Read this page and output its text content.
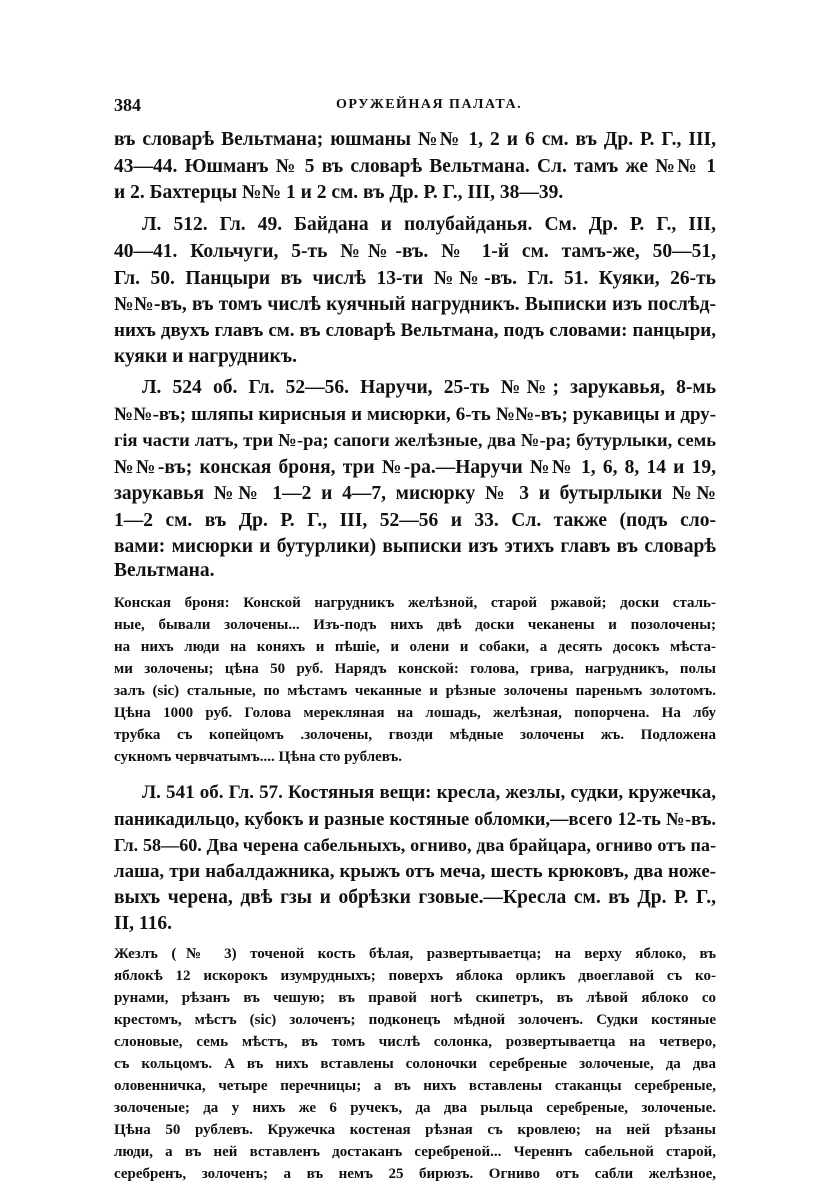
384	ОРУЖЕЙНАЯ ПАЛАТА.
въ словарѣ Вельтмана; юшманы №№ 1, 2 и 6 см. въ Др. Р. Г., III,
43—44. Юшманъ № 5 въ словарѣ Вельтмана. Сл. тамъ же №№ 1
и 2. Бахтерцы №№ 1 и 2 см. въ Др. Р. Г., III, 38—39.
Л. 512. Гл. 49. Байдана и полубайданья. См. Др. Р. Г., III,
40—41. Кольчуги, 5-ть №№-въ. № 1-й см. тамъ-же, 50—51,
Гл. 50. Панцыри въ числѣ 13-ти №№-въ. Гл. 51. Куяки, 26-ть
№№-въ, въ томъ числѣ куячный нагрудникъ. Выписки изъ послѣд-
нихъ двухъ главъ см. въ словарѣ Вельтмана, подъ словами: панцыри,
куяки и нагрудникъ.
Л. 524 об. Гл. 52—56. Наручи, 25-ть №№; зарукавья, 8-мь
№№-въ; шляпы кирисныя и мисюрки, 6-ть №№-въ; рукавицы и дру-
гія части латъ, три №-ра; сапоги желѣзные, два №-ра; бутурлыки, семь
№№-въ; конская броня, три №-ра.—Наручи №№ 1, 6, 8, 14 и 19,
зарукавья №№ 1—2 и 4—7, мисюрку № 3 и бутырлыки №№
1—2 см. въ Др. Р. Г., III, 52—56 и 33. Сл. также (подъ сло-
вами: мисюрки и бутурлики) выписки изъ этихъ главъ въ словарѣ
Вельтмана.
Конская броня: Конской нагрудникъ желѣзной, старой ржавой; доски сталь-
ные, бывали золочены... Изъ-подъ нихъ двѣ доски чеканены и позолочены;
на нихъ люди на коняхъ и пѣшіе, и олени и собаки, а десять досокъ мѣста-
ми золочены; цѣна 50 руб. Нарядъ конской: голова, грива, нагрудникъ, полы
залъ (sic) стальные, по мѣстамъ чеканные и рѣзные золочены пареньмъ золотомъ.
Цѣна 1000 руб. Голова мерекляная на лошадь, желѣзная, попорчена. На лбу
трубка съ копейцомъ .золочены, гвозди мѣдные золочены жъ. Подложена
сукномъ червчатымъ.... Цѣна сто рублевъ.
Л. 541 об. Гл. 57. Костяныя вещи: кресла, жезлы, судки, кружечка,
паникадильцо, кубокъ и разные костяные обломки,—всего 12-ть №-въ.
Гл. 58—60. Два черена сабельныхъ, огниво, два брайцара, огниво отъ па-
лаша, три набалдажника, крыжъ отъ меча, шесть крюковъ, два ноже-
выхъ черена, двѣ гзы и обрѣзки гзовые.—Кресла см. въ Др. Р. Г.,
II, 116.
Жезлъ (№ 3) точеной кость бѣлая, развертываетца; на верху яблоко, въ
яблокѣ 12 искорокъ изумрудныхъ; поверхъ яблока орликъ двоеглавой съ ко-
рунами, рѣзанъ въ чешую; въ правой ногѣ скипетръ, въ лѣвой яблоко со
крестомъ, мѣстъ (sic) золоченъ; подконецъ мѣдной золоченъ. Судки костяные
слоновые, семь мѣстъ, въ томъ числѣ солонка, розвертываетца на четверо,
съ кольцомъ. А въ нихъ вставлены солоночки серебреные золоченые, да два
оловенничка, четыре перечницы; а въ нихъ вставлены стаканцы серебреные,
золоченые; да у нихъ же 6 ручекъ, да два рыльца серебреные, золоченые.
Цѣна 50 рублевъ. Кружечка костеная рѣзная съ кровлею; на ней рѣзаны
люди, а въ ней вставленъ достаканъ серебреной... Череннъ сабельной старой,
серебренъ, золоченъ; а въ немъ 25 бирюзъ. Огниво отъ сабли желѣзное,
